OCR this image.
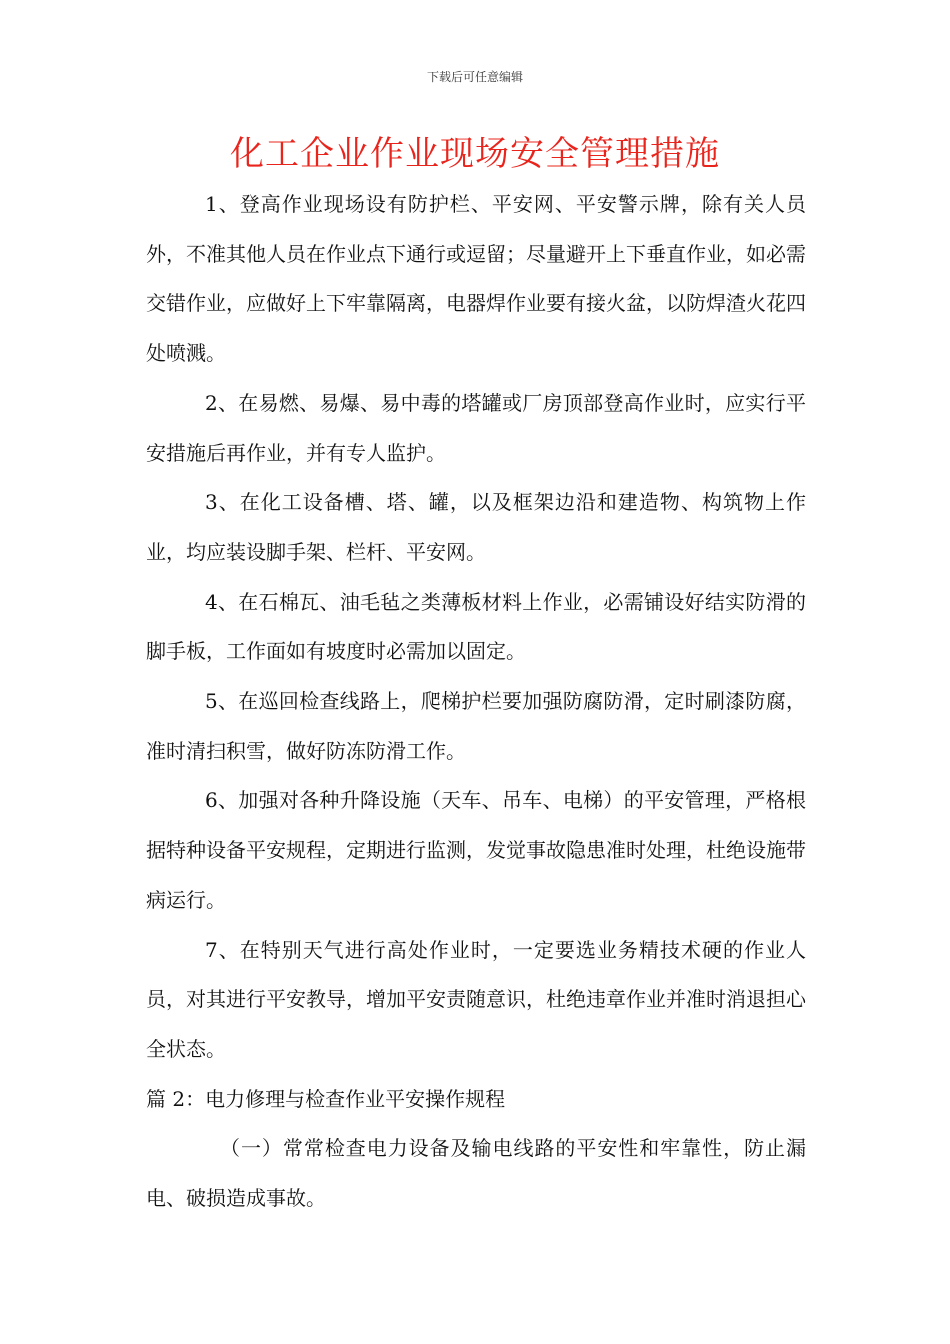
下载后可任意编辑
化工企业作业现场安全管理措施

1、登高作业现场设有防护栏、平安网、平安警示牌，除有关人员外，不准其他人员在作业点下通行或逗留；尽量避开上下垂直作业，如必需交错作业，应做好上下牢靠隔离，电器焊作业要有接火盆，以防焊渣火花四处喷溅。

2、在易燃、易爆、易中毒的塔罐或厂房顶部登高作业时，应实行平安措施后再作业，并有专人监护。

3、在化工设备槽、塔、罐，以及框架边沿和建造物、构筑物上作业，均应装设脚手架、栏杆、平安网。

4、在石棉瓦、油毛毡之类薄板材料上作业，必需铺设好结实防滑的脚手板，工作面如有坡度时必需加以固定。

5、在巡回检查线路上，爬梯护栏要加强防腐防滑，定时刷漆防腐，准时清扫积雪，做好防冻防滑工作。

6、加强对各种升降设施（天车、吊车、电梯）的平安管理，严格根据特种设备平安规程，定期进行监测，发觉事故隐患准时处理，杜绝设施带病运行。

7、在特别天气进行高处作业时，一定要选业务精技术硬的作业人员，对其进行平安教导，增加平安责随意识，杜绝违章作业并准时消退担心全状态。

篇 2：电力修理与检查作业平安操作规程

（一）常常检查电力设备及输电线路的平安性和牢靠性，防止漏电、破损造成事故。
